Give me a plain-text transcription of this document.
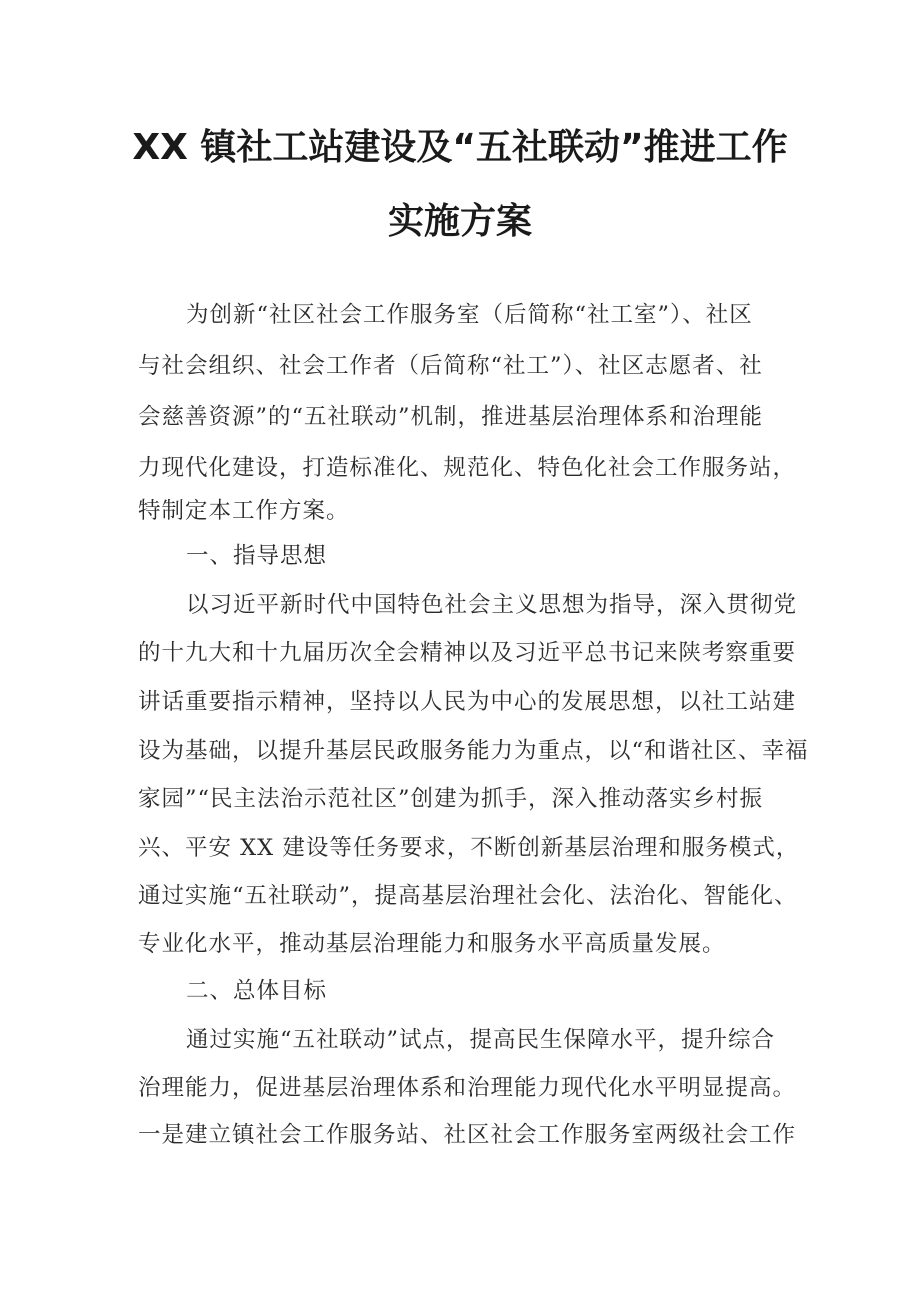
XX 镇社工站建设及“五社联动”推进工作
实施方案
为创新“社区社会工作服务室（后简称“社工室”）、社区
与社会组织、社会工作者（后简称“社工”）、社区志愿者、社
会慈善资源”的“五社联动”机制，推进基层治理体系和治理能
力现代化建设，打造标准化、规范化、特色化社会工作服务站，
特制定本工作方案。
一、指导思想
以习近平新时代中国特色社会主义思想为指导，深入贯彻党
的十九大和十九届历次全会精神以及习近平总书记来陕考察重要
讲话重要指示精神，坚持以人民为中心的发展思想，以社工站建
设为基础，以提升基层民政服务能力为重点，以“和谐社区、幸福
家园”“民主法治示范社区”创建为抓手，深入推动落实乡村振
兴、平安 XX 建设等任务要求，不断创新基层治理和服务模式，
通过实施“五社联动”，提高基层治理社会化、法治化、智能化、
专业化水平，推动基层治理能力和服务水平高质量发展。
二、总体目标
通过实施“五社联动”试点，提高民生保障水平，提升综合
治理能力，促进基层治理体系和治理能力现代化水平明显提高。
一是建立镇社会工作服务站、社区社会工作服务室两级社会工作
